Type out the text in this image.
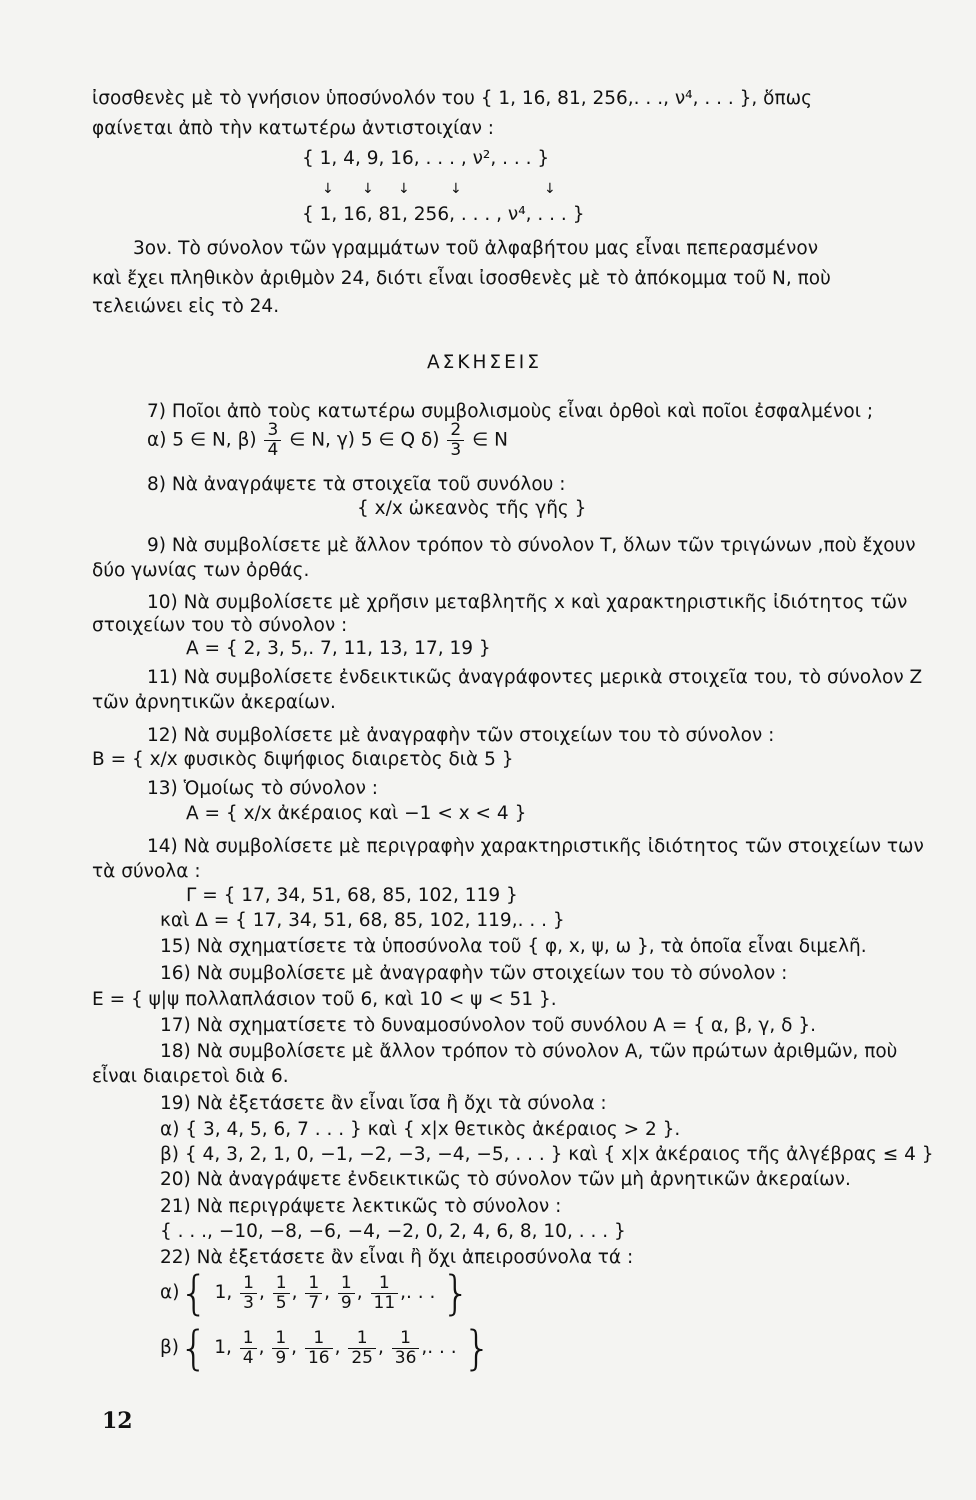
ἰσοσθενὲς μὲ τὸ γνήσιον ὑποσύνολόν του { 1, 16, 81, 256,. . ., ν⁴, . . . }, ὅπως
φαίνεται ἀπὸ τὴν κατωτέρω ἀντιστοιχίαν :
{ 1, 4, 9, 16, . . . , ν², . . . }
↓ ↓ ↓	↓	↓
{ 1, 16, 81, 256, . . . , ν⁴, . . . }
3ον. Τὸ σύνολον τῶν γραμμάτων τοῦ ἀλφαβήτου μας εἶναι πεπερασμένον
καὶ ἔχει πληθικὸν ἀριθμὸν 24, διότι εἶναι ἰσοσθενὲς μὲ τὸ ἀπόκομμα τοῦ Ν, ποὺ
τελειώνει εἰς τὸ 24.
ΑΣΚΗΣΕΙΣ
7) Ποῖοι ἀπὸ τοὺς κατωτέρω συμβολισμοὺς εἶναι ὀρθοὶ καὶ ποῖοι ἐσφαλμένοι ;
α) 5 ∈ Ν, $\beta) \frac{3}{4}$ ∈ Ν, γ) 5 ∈ Q $\delta) \frac{2}{3}$ ∈ Ν
8) Νὰ ἀναγράψετε τὰ στοιχεῖα τοῦ συνόλου :
{ x/x ὠκεανὸς τῆς γῆς }
9) Νὰ συμβολίσετε μὲ ἄλλον τρόπον τὸ σύνολον Τ, ὅλων τῶν τριγώνων ,ποὺ ἔχουν
δύο γωνίας των ὀρθάς.
10) Νὰ συμβολίσετε μὲ χρῆσιν μεταβλητῆς x καὶ χαρακτηριστικῆς ἰδιότητος τῶν
στοιχείων του τὸ σύνολον :
Α = { 2, 3, 5,. 7, 11, 13, 17, 19 }
11) Νὰ συμβολίσετε ἐνδεικτικῶς ἀναγράφοντες μερικὰ στοιχεῖα του, τὸ σύνολον Ζ
τῶν ἀρνητικῶν ἀκεραίων.
12) Νὰ συμβολίσετε μὲ ἀναγραφὴν τῶν στοιχείων του τὸ σύνολον :
Β = { x/x φυσικὸς διψήφιος διαιρετὸς διὰ 5 }
13) Ὁμοίως τὸ σύνολον :
Α = { x/x ἀκέραιος καὶ −1 < x < 4 }
14) Νὰ συμβολίσετε μὲ περιγραφὴν χαρακτηριστικῆς ἰδιότητος τῶν στοιχείων των
τὰ σύνολα :
Γ = { 17, 34, 51, 68, 85, 102, 119 }
καὶ Δ = { 17, 34, 51, 68, 85, 102, 119,. . . }
15) Νὰ σχηματίσετε τὰ ὑποσύνολα τοῦ { φ, x, ψ, ω }, τὰ ὁποῖα εἶναι διμελῆ.
16) Νὰ συμβολίσετε μὲ ἀναγραφὴν τῶν στοιχείων του τὸ σύνολον :
Ε = { ψ|ψ πολλαπλάσιον τοῦ 6, καὶ 10 < ψ < 51 }.
17) Νὰ σχηματίσετε τὸ δυναμοσύνολον τοῦ συνόλου Α = { α, β, γ, δ }.
18) Νὰ συμβολίσετε μὲ ἄλλον τρόπον τὸ σύνολον Α, τῶν πρώτων ἀριθμῶν, ποὺ
εἶναι διαιρετοὶ διὰ 6.
19) Νὰ ἐξετάσετε ἂν εἶναι ἴσα ἢ ὄχι τὰ σύνολα :
α) { 3, 4, 5, 6, 7 . . . } καὶ { x|x θετικὸς ἀκέραιος > 2 }.
β) { 4, 3, 2, 1, 0, −1, −2, −3, −4, −5, . . . } καὶ { x|x ἀκέραιος τῆς ἀλγέβρας ≤ 4 }
20) Νὰ ἀναγράψετε ἐνδεικτικῶς τὸ σύνολον τῶν μὴ ἀρνητικῶν ἀκεραίων.
21) Νὰ περιγράψετε λεκτικῶς τὸ σύνολον :
{ . . ., −10, −8, −6, −4, −2, 0, 2, 4, 6, 8, 10, . . . }
22) Νὰ ἐξετάσετε ἂν εἶναι ἢ ὄχι ἀπειροσύνολα τά :
α){ 1, $\frac{1}{3}$ , $\frac{1}{5}$ , $\frac{1}{7}$ , $\frac{1}{9}$ , $\frac{1}{11}$ ,. . . }
β){ 1, $\frac{1}{4}$ , $\frac{1}{9}$ , $\frac{1}{16}$ , $\frac{1}{25}$ , $\frac{1}{36}$ ,. . . }
12
